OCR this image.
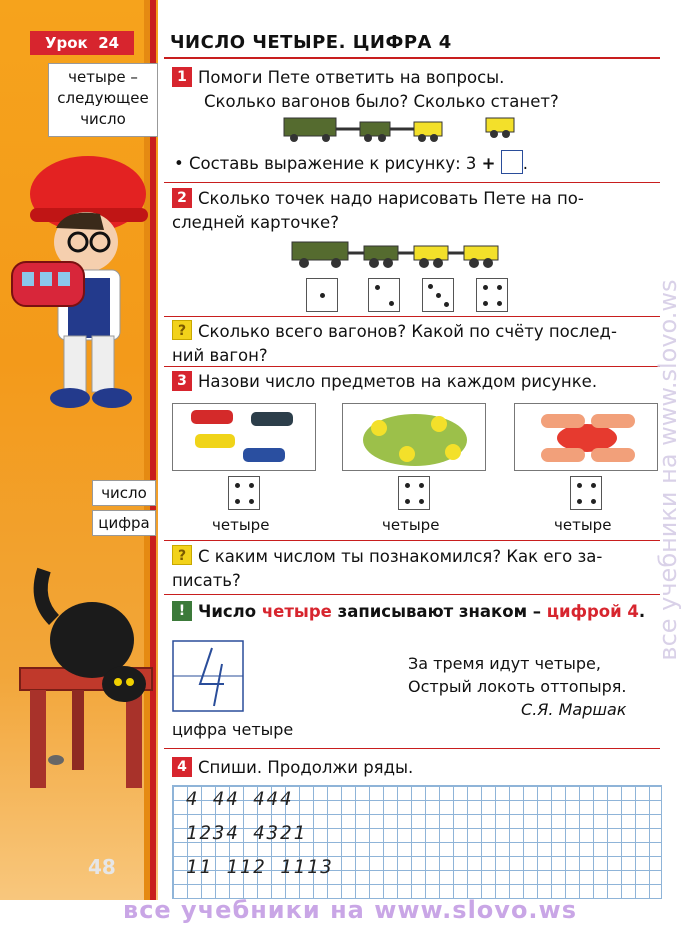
Урок 24	ЧИСЛО ЧЕТЫРЕ. ЦИФРА 4
четыре –
следующее
число
число
цифра
48
1 Помоги Пете ответить на вопросы.
Сколько вагонов было? Сколько станет?
• Составь выражение к рисунку: 3 + .
2 Сколько точек надо нарисовать Пете на по-
следней карточке?
? Сколько всего вагонов? Какой по счёту послед-
ний вагон?
3 Назови число предметов на каждом рисунке.
четыре	четыре	четыре
? С каким числом ты познакомился? Как его за-
писать?
! Число четыре записывают знаком – цифрой 4.
цифра четыре
За тремя идут четыре,
Острый локоть оттопыря.
С.Я. Маршак
4 Спиши. Продолжи ряды.
4 44 444
1234 4321
11 112 1113
все учебники на www.slovo.ws
все учебники на www.slovo.ws
